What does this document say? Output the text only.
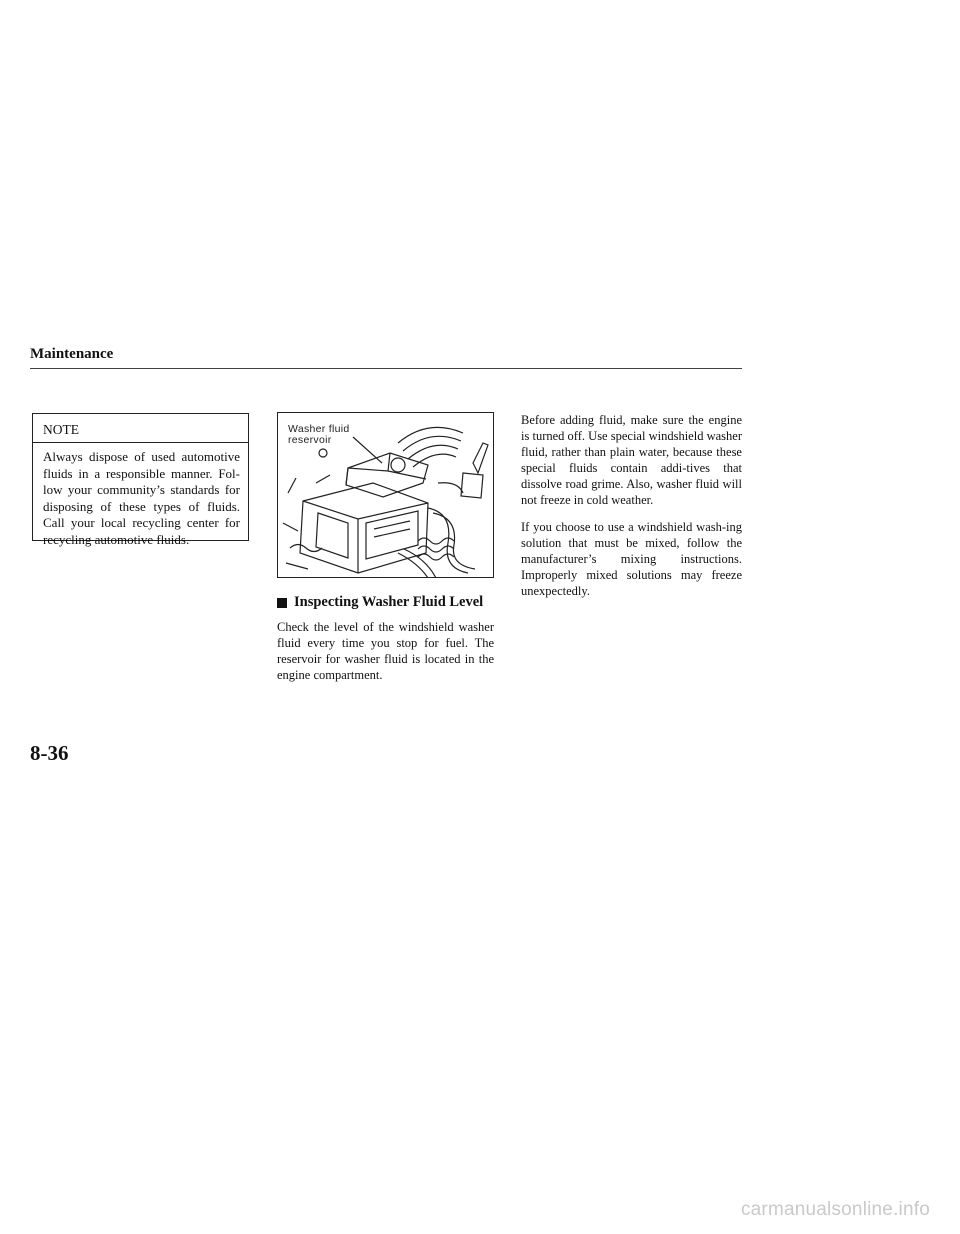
Maintenance
NOTE
Always dispose of used automotive fluids in a responsible manner. Fol-low your community’s standards for disposing of these types of fluids. Call your local recycling center for recycling automotive fluids.
Washer fluid
reservoir
Inspecting Washer Fluid Level
Check the level of the windshield washer fluid every time you stop for fuel. The reservoir for washer fluid is located in the engine compartment.

Before adding fluid, make sure the engine is turned off. Use special windshield washer fluid, rather than plain water, because these special fluids contain addi-tives that dissolve road grime. Also, washer fluid will not freeze in cold weather.

If you choose to use a windshield wash-ing solution that must be mixed, follow the manufacturer’s mixing instructions. Improperly mixed solutions may freeze unexpectedly.

8-36
carmanualsonline.info
